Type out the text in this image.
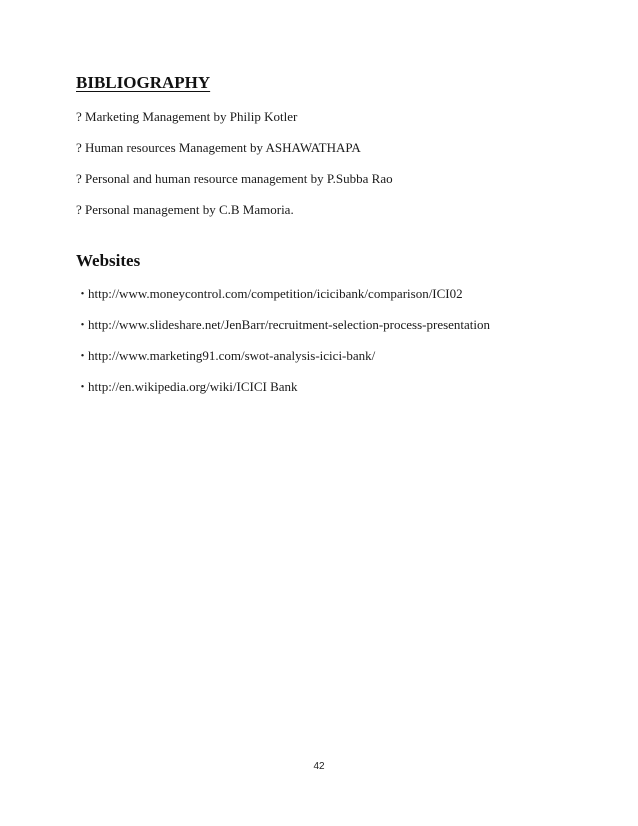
BIBLIOGRAPHY

? Marketing Management by Philip Kotler

? Human resources Management by ASHAWATHAPA

? Personal and human resource management by P.Subba Rao

? Personal management by C.B Mamoria.

Websites

・http://www.moneycontrol.com/competition/icicibank/comparison/ICI02

・http://www.slideshare.net/JenBarr/recruitment-selection-process-presentation

・http://www.marketing91.com/swot-analysis-icici-bank/

・http://en.wikipedia.org/wiki/ICICI Bank

42
